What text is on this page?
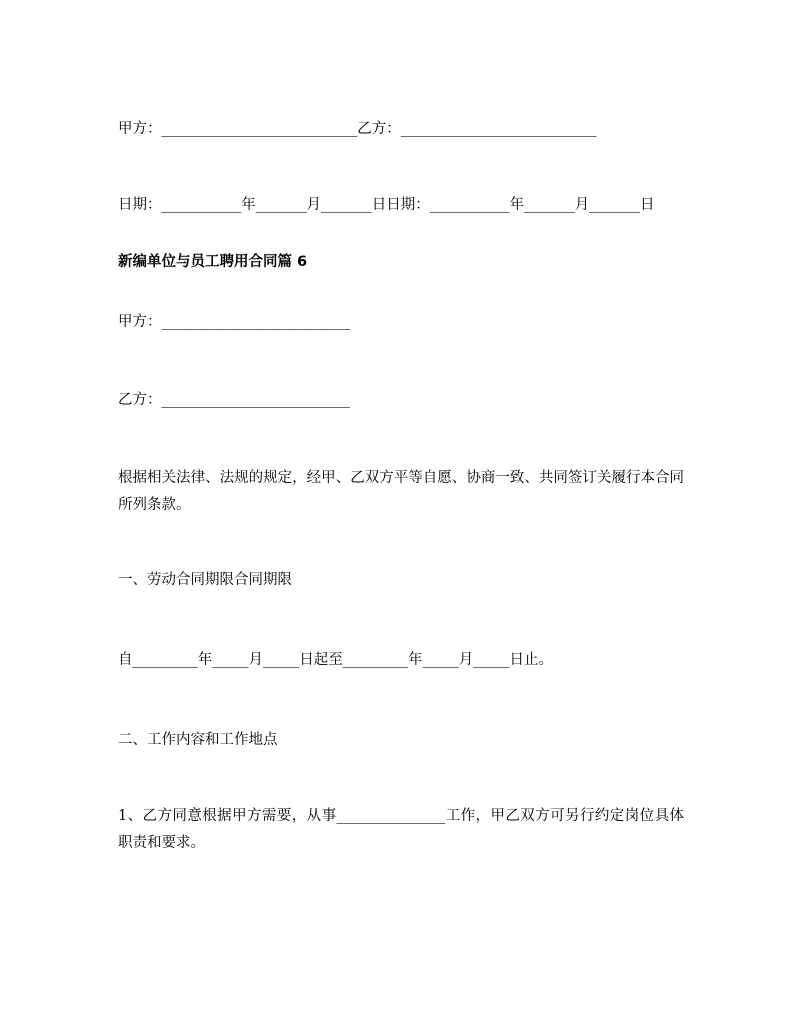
甲方：___________________________乙方：___________________________
日期：___________年_______月_______日日期：___________年_______月_______日
新编单位与员工聘用合同篇 6
甲方：__________________________
乙方：__________________________
根据相关法律、法规的规定，经甲、乙双方平等自愿、协商一致、共同签订关履行本合同所列条款。
一、劳动合同期限合同期限
自_________年_____月_____日起至_________年_____月_____日止。
二、工作内容和工作地点
1、乙方同意根据甲方需要，从事_______________工作，甲乙双方可另行约定岗位具体职责和要求。
